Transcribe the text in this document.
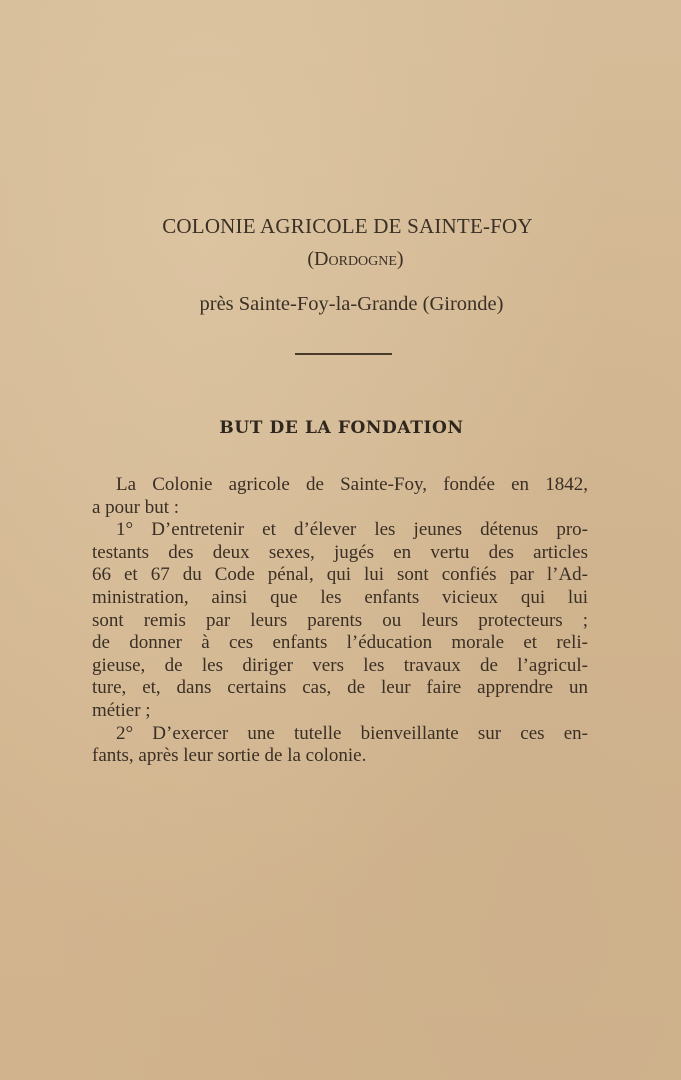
COLONIE AGRICOLE DE SAINTE-FOY
(Dordogne)
près Sainte-Foy-la-Grande (Gironde)
BUT DE LA FONDATION
La Colonie agricole de Sainte-Foy, fondée en 1842,
a pour but :
1° D’entretenir et d’élever les jeunes détenus pro-
testants des deux sexes, jugés en vertu des articles
66 et 67 du Code pénal, qui lui sont confiés par l’Ad-
ministration, ainsi que les enfants vicieux qui lui
sont remis par leurs parents ou leurs protecteurs ;
de donner à ces enfants l’éducation morale et reli-
gieuse, de les diriger vers les travaux de l’agricul-
ture, et, dans certains cas, de leur faire apprendre un
métier ;
2° D’exercer une tutelle bienveillante sur ces en-
fants, après leur sortie de la colonie.
